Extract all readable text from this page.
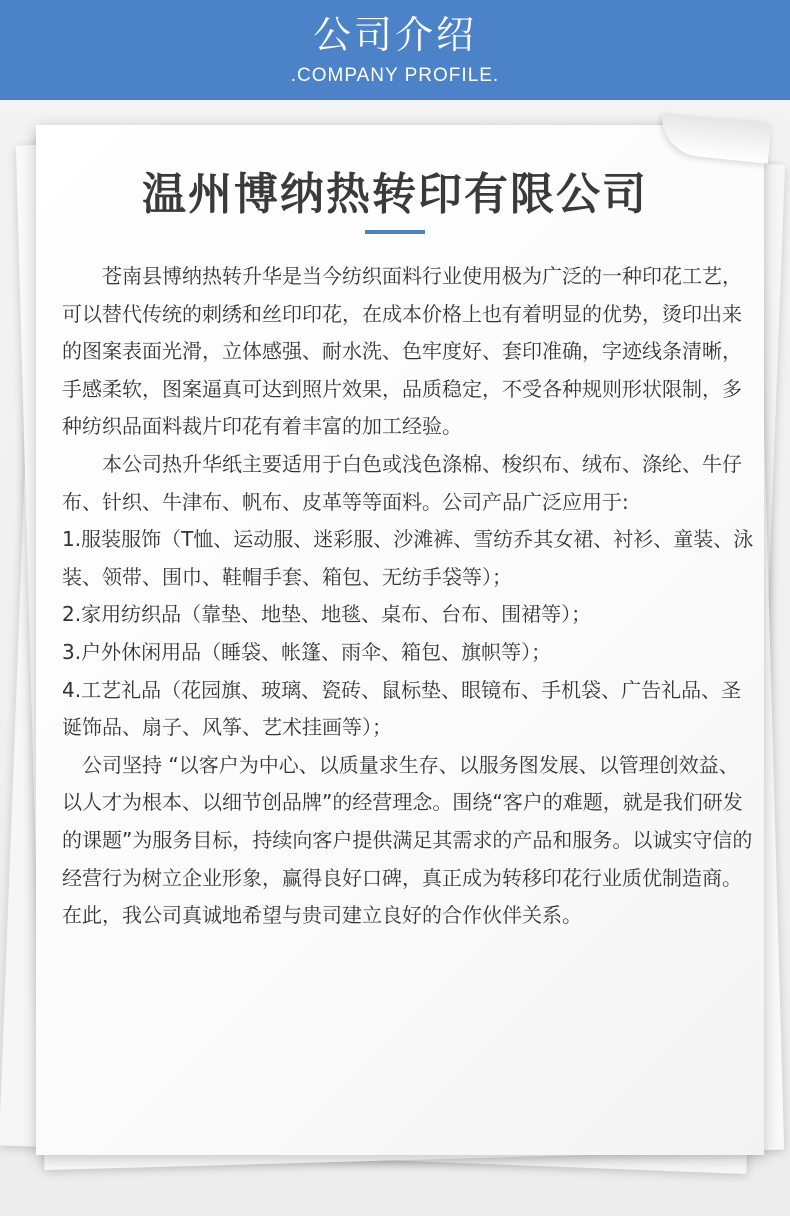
公司介绍
.COMPANY PROFILE.
温州博纳热转印有限公司

　　苍南县博纳热转升华是当今纺织面料行业使用极为广泛的一种印花工艺，可以替代传统的刺绣和丝印印花，在成本价格上也有着明显的优势，烫印出来的图案表面光滑，立体感强、耐水洗、色牢度好、套印准确，字迹线条清晰，手感柔软，图案逼真可达到照片效果，品质稳定，不受各种规则形状限制，多种纺织品面料裁片印花有着丰富的加工经验。

　　本公司热升华纸主要适用于白色或浅色涤棉、梭织布、绒布、涤纶、牛仔布、针织、牛津布、帆布、皮革等等面料。公司产品广泛应用于:

1.服装服饰（T恤、运动服、迷彩服、沙滩裤、雪纺乔其女裙、衬衫、童装、泳装、领带、围巾、鞋帽手套、箱包、无纺手袋等）；

2.家用纺织品（靠垫、地垫、地毯、桌布、台布、围裙等）；

3.户外休闲用品（睡袋、帐篷、雨伞、箱包、旗帜等）；

4.工艺礼品（花园旗、玻璃、瓷砖、鼠标垫、眼镜布、手机袋、广告礼品、圣诞饰品、扇子、风筝、艺术挂画等）；

　公司坚持 “以客户为中心、以质量求生存、以服务图发展、以管理创效益、以人才为根本、以细节创品牌”的经营理念。围绕“客户的难题，就是我们研发的课题”为服务目标，持续向客户提供满足其需求的产品和服务。以诚实守信的经营行为树立企业形象，赢得良好口碑，真正成为转移印花行业质优制造商。在此，我公司真诚地希望与贵司建立良好的合作伙伴关系。
